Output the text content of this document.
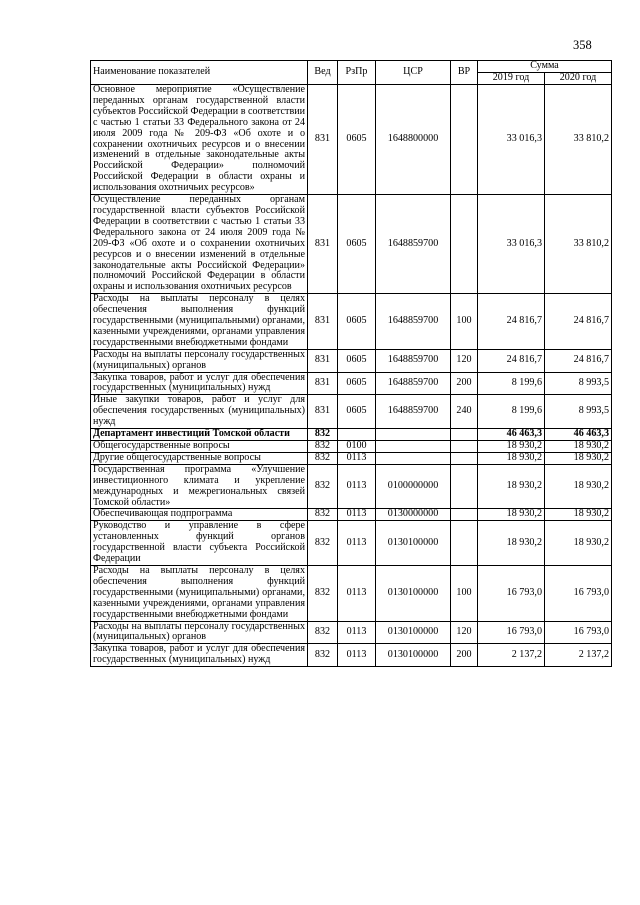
358
Наименование показателей	Вед	РзПр	ЦСР	ВР	Сумма	
					2019 год	2020 год
Основное мероприятие «Осуществление переданных органам государственной власти субъектов Российской Федерации в соответствии с частью 1 статьи 33 Федерального закона от 24 июля 2009 года № 209-ФЗ «Об охоте и о сохранении охотничьих ресурсов и о внесении изменений в отдельные законодательные акты Российской Федерации» полномочий Российской Федерации в области охраны и использования охотничьих ресурсов»	831	0605	1648800000		33 016,3	33 810,2
Осуществление переданных органам государственной власти субъектов Российской Федерации в соответствии с частью 1 статьи 33 Федерального закона от 24 июля 2009 года № 209-ФЗ «Об охоте и о сохранении охотничьих ресурсов и о внесении изменений в отдельные законодательные акты Российской Федерации» полномочий Российской Федерации в области охраны и использования охотничьих ресурсов	831	0605	1648859700		33 016,3	33 810,2
Расходы на выплаты персоналу в целях обеспечения выполнения функций государственными (муниципальными) органами, казенными учреждениями, органами управления государственными внебюджетными фондами	831	0605	1648859700	100	24 816,7	24 816,7
Расходы на выплаты персоналу государственных (муниципальных) органов	831	0605	1648859700	120	24 816,7	24 816,7
Закупка товаров, работ и услуг для обеспечения государственных (муниципальных) нужд	831	0605	1648859700	200	8 199,6	8 993,5
Иные закупки товаров, работ и услуг для обеспечения государственных (муниципальных) нужд	831	0605	1648859700	240	8 199,6	8 993,5
Департамент инвестиций Томской области	832				46 463,3	46 463,3
Общегосударственные вопросы	832	0100			18 930,2	18 930,2
Другие общегосударственные вопросы	832	0113			18 930,2	18 930,2
Государственная программа «Улучшение инвестиционного климата и укрепление международных и межрегиональных связей Томской области»	832	0113	0100000000		18 930,2	18 930,2
Обеспечивающая подпрограмма	832	0113	0130000000		18 930,2	18 930,2
Руководство и управление в сфере установленных функций органов государственной власти субъекта Российской Федерации	832	0113	0130100000		18 930,2	18 930,2
Расходы на выплаты персоналу в целях обеспечения выполнения функций государственными (муниципальными) органами, казенными учреждениями, органами управления государственными внебюджетными фондами	832	0113	0130100000	100	16 793,0	16 793,0
Расходы на выплаты персоналу государственных (муниципальных) органов	832	0113	0130100000	120	16 793,0	16 793,0
Закупка товаров, работ и услуг для обеспечения государственных (муниципальных) нужд	832	0113	0130100000	200	2 137,2	2 137,2
